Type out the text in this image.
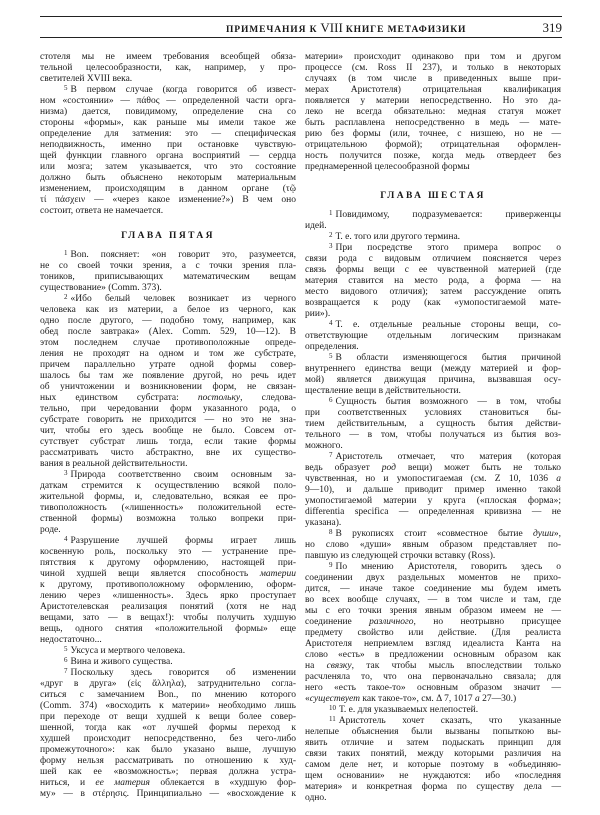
ПРИМЕЧАНИЯ К VIII КНИГЕ МЕТАФИЗИКИ	319
стотеля мы не имеем требования всеобщей обяза-
тельной целесообразности, как, например, у про-
светителей XVIII века.
$^5$ В первом случае (когда говорится об извест-
ном «состоянии» — πάθος — определенной части орга-
низма) дается, повидимому, определение сна со
стороны «формы», как раньше мы имели такое же
определение для затмения: это — специфическая
неподвижность, именно при остановке чувствую-
щей функции главного органа восприятий — сердца
или мозга; затем указывается, что это состояние
должно быть объяснено некоторым материальным
изменением, происходящим в данном органе (τῷ
τί πάσχειν — «через какое изменение?») В чем оно
состоит, ответа не намечается.
ГЛАВА ПЯТАЯ
$^1$ Bon. поясняет: «он говорит это, разумеется,
не со своей точки зрения, а с точки зрения пла-
тоников, приписывающих математическим вещам
существование» (Comm. 373).
$^2$ «Ибо белый человек возникает из черного
человека как из материи, а белое из черного, как
одно после другого, — подобно тому, например, как
обед после завтрака» (Alex. Comm. 529, 10—12). В
этом последнем случае противоположные опреде-
ления не проходят на одном и том же субстрате,
причем параллельно утрате одной формы совер-
шалось бы там же появление другой, но речь идет
об уничтожении и возникновении форм, не связан-
ных единством субстрата: постольку, следова-
тельно, при чередовании форм указанного рода, о
субстрате говорить не приходится — но это не зна-
чит, чтобы его здесь вообще не было. Совсем от-
сутствует субстрат лишь тогда, если такие формы
рассматривать чисто абстрактно, вне их существо-
вания в реальной действительности.
$^3$ Природа соответственно своим основным за-
даткам стремится к осуществлению всякой поло-
жительной формы, и, следовательно, всякая ее про-
тивоположность («лишенность» положительной есте-
ственной формы) возможна только вопреки при-
роде.
$^4$ Разрушение лучшей формы играет лишь
косвенную роль, поскольку это — устранение пре-
пятствия к другому оформлению, настоящей при-
чиной худшей вещи является способность материи
к другому, противоположному оформлению, оформ-
лению через «лишенность». Здесь ярко проступает
Аристотелевская реализация понятий (хотя не над
вещами, зато — в вещах!): чтобы получить худшую
вещь, одного снятия «положительной формы» еще
недостаточно...
$^5$ Уксуса и мертвого человека.
$^6$ Вина и живого существа.
$^7$ Поскольку здесь говорится об изменении
«друг в друга» (εἰς ἄλληλα), затруднительно согла-
ситься с замечанием Bon., по мнению которого
(Comm. 374) «восходить к материи» необходимо лишь
при переходе от вещи худшей к вещи более совер-
шенной, тогда как «от лучшей формы переход к
худшей происходит непосредственно, без чего-либо
промежуточного»: как было указано выше, лучшую
форму нельзя рассматривать по отношению к худ-
шей как ее «возможность»; первая должна устра-
ниться, и ее материя облекается в «худшую фор-
му» — в στέρησις. Принципиально — «восхождение к
материи» происходит одинаково при том и другом
процессе (см. Ross II 237), и только в некоторых
случаях (в том числе в приведенных выше при-
мерах Аристотеля) отрицательная квалификация
появляется у материи непосредственно. Но это да-
леко не всегда обязательно: медная статуя может
быть расплавлена непосредственно в медь — мате-
рию без формы (или, точнее, с низшею, но не —
отрицательною формой); отрицательная оформлен-
ность получится позже, когда медь отвердеет без
преднамеренной целесообразной формы
ГЛАВА ШЕСТАЯ
$^1$ Повидимому, подразумевается: приверженцы
идей.
$^2$ Т. е. того или другого термина.
$^3$ При посредстве этого примера вопрос о
связи рода с видовым отличием поясняется через
связь формы вещи с ее чувственной материей (где
материя ставится на место рода, а форма — на
место видового отличия); затем рассуждение опять
возвращается к роду (как «умопостигаемой мате-
рии»).
$^4$ Т. е. отдельные реальные стороны вещи, со-
ответствующие отдельным логическим признакам
определения.
$^5$ В области изменяющегося бытия причиной
внутреннего единства вещи (между материей и фор-
мой) является движущая причина, вызвавшая осу-
ществление вещи в действительности.
$^6$ Сущность бытия возможного — в том, чтобы
при соответственных условиях становиться бы-
тием действительным, а сущность бытия действи-
тельного — в том, чтобы получаться из бытия воз-
можного.
$^7$ Аристотель отмечает, что материя (которая
ведь образует род вещи) может быть не только
чувственная, но и умопостигаемая (см. Z 10, 1036 a
9—10), и дальше приводит пример именно такой
умопостигаемой материи у круга («плоская форма»;
differentia specifica — определенная кривизна — не
указана).
$^8$ В рукописях стоит «совместное бытие души»,
но слово «души» явным образом представляет по-
павшую из следующей строчки вставку (Ross).
$^9$ По мнению Аристотеля, говорить здесь о
соединении двух раздельных моментов не прихо-
дится, — иначе такое соединение мы будем иметь
во всех вообще случаях, — в том числе и там, где
мы с его точки зрения явным образом имеем не —
соединение различного, но неотрывно присущее
предмету свойство или действие. (Для реалиста
Аристотеля неприемлем взгляд идеалиста Канта на
слово «есть» в предложении основным образом как
на связку, так чтобы мысль впоследствии только
расчленяла то, что она первоначально связала; для
него «есть такое-то» основным образом значит —
«существует как такое-то», см. Δ 7, 1017 a 27—30.)
$^{10}$ Т. е. для указываемых нелепостей.
$^{11}$ Аристотель хочет сказать, что указанные
нелепые объяснения были вызваны попыткою вы-
явить отличие и затем подыскать принцип для
связи таких понятий, между которыми различия на
самом деле нет, и которые поэтому в «объединяю-
щем основании» не нуждаются: ибо «последняя
материя» и конкретная форма по существу дела —
одно.
